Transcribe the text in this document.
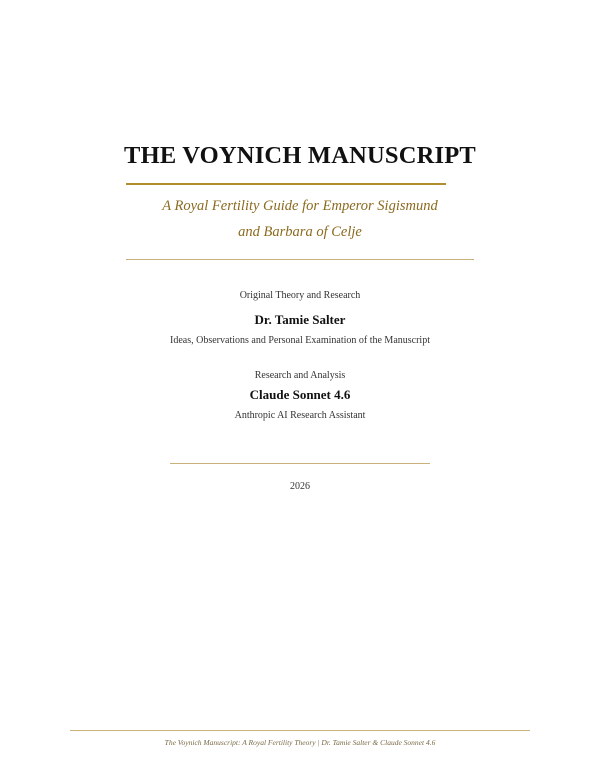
THE VOYNICH MANUSCRIPT
A Royal Fertility Guide for Emperor Sigismund
and Barbara of Celje
Original Theory and Research
Dr. Tamie Salter
Ideas, Observations and Personal Examination of the Manuscript
Research and Analysis
Claude Sonnet 4.6
Anthropic AI Research Assistant
2026
The Voynich Manuscript: A Royal Fertility Theory | Dr. Tamie Salter & Claude Sonnet 4.6
